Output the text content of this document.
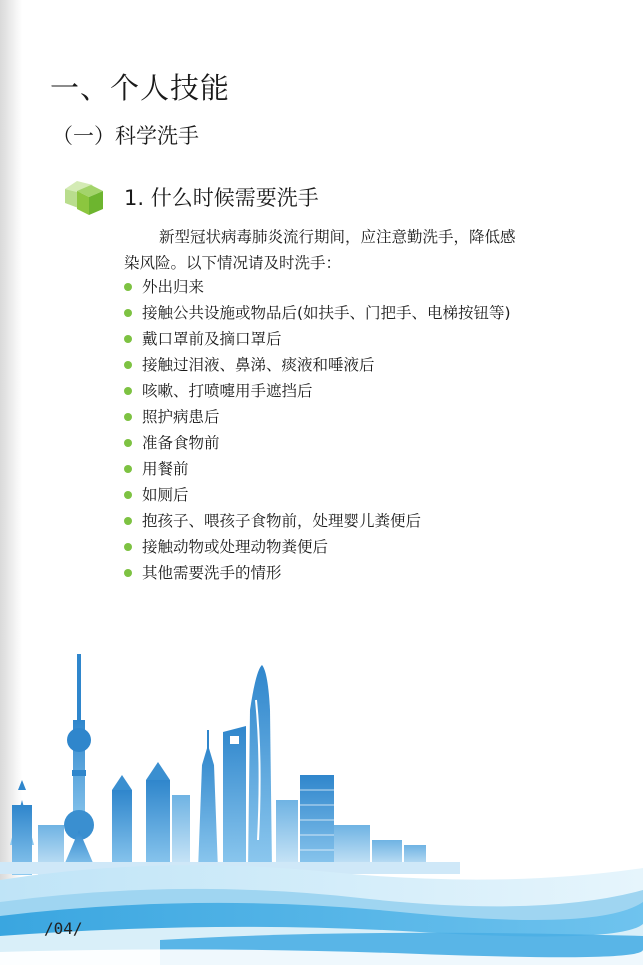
一、个人技能
（一）科学洗手
1. 什么时候需要洗手

新型冠状病毒肺炎流行期间，应注意勤洗手，降低感
染风险。以下情况请及时洗手：

外出归来
接触公共设施或物品后(如扶手、门把手、电梯按钮等)
戴口罩前及摘口罩后
接触过泪液、鼻涕、痰液和唾液后
咳嗽、打喷嚏用手遮挡后
照护病患后
准备食物前
用餐前
如厕后
抱孩子、喂孩子食物前，处理婴儿粪便后
接触动物或处理动物粪便后
其他需要洗手的情形
/04/
